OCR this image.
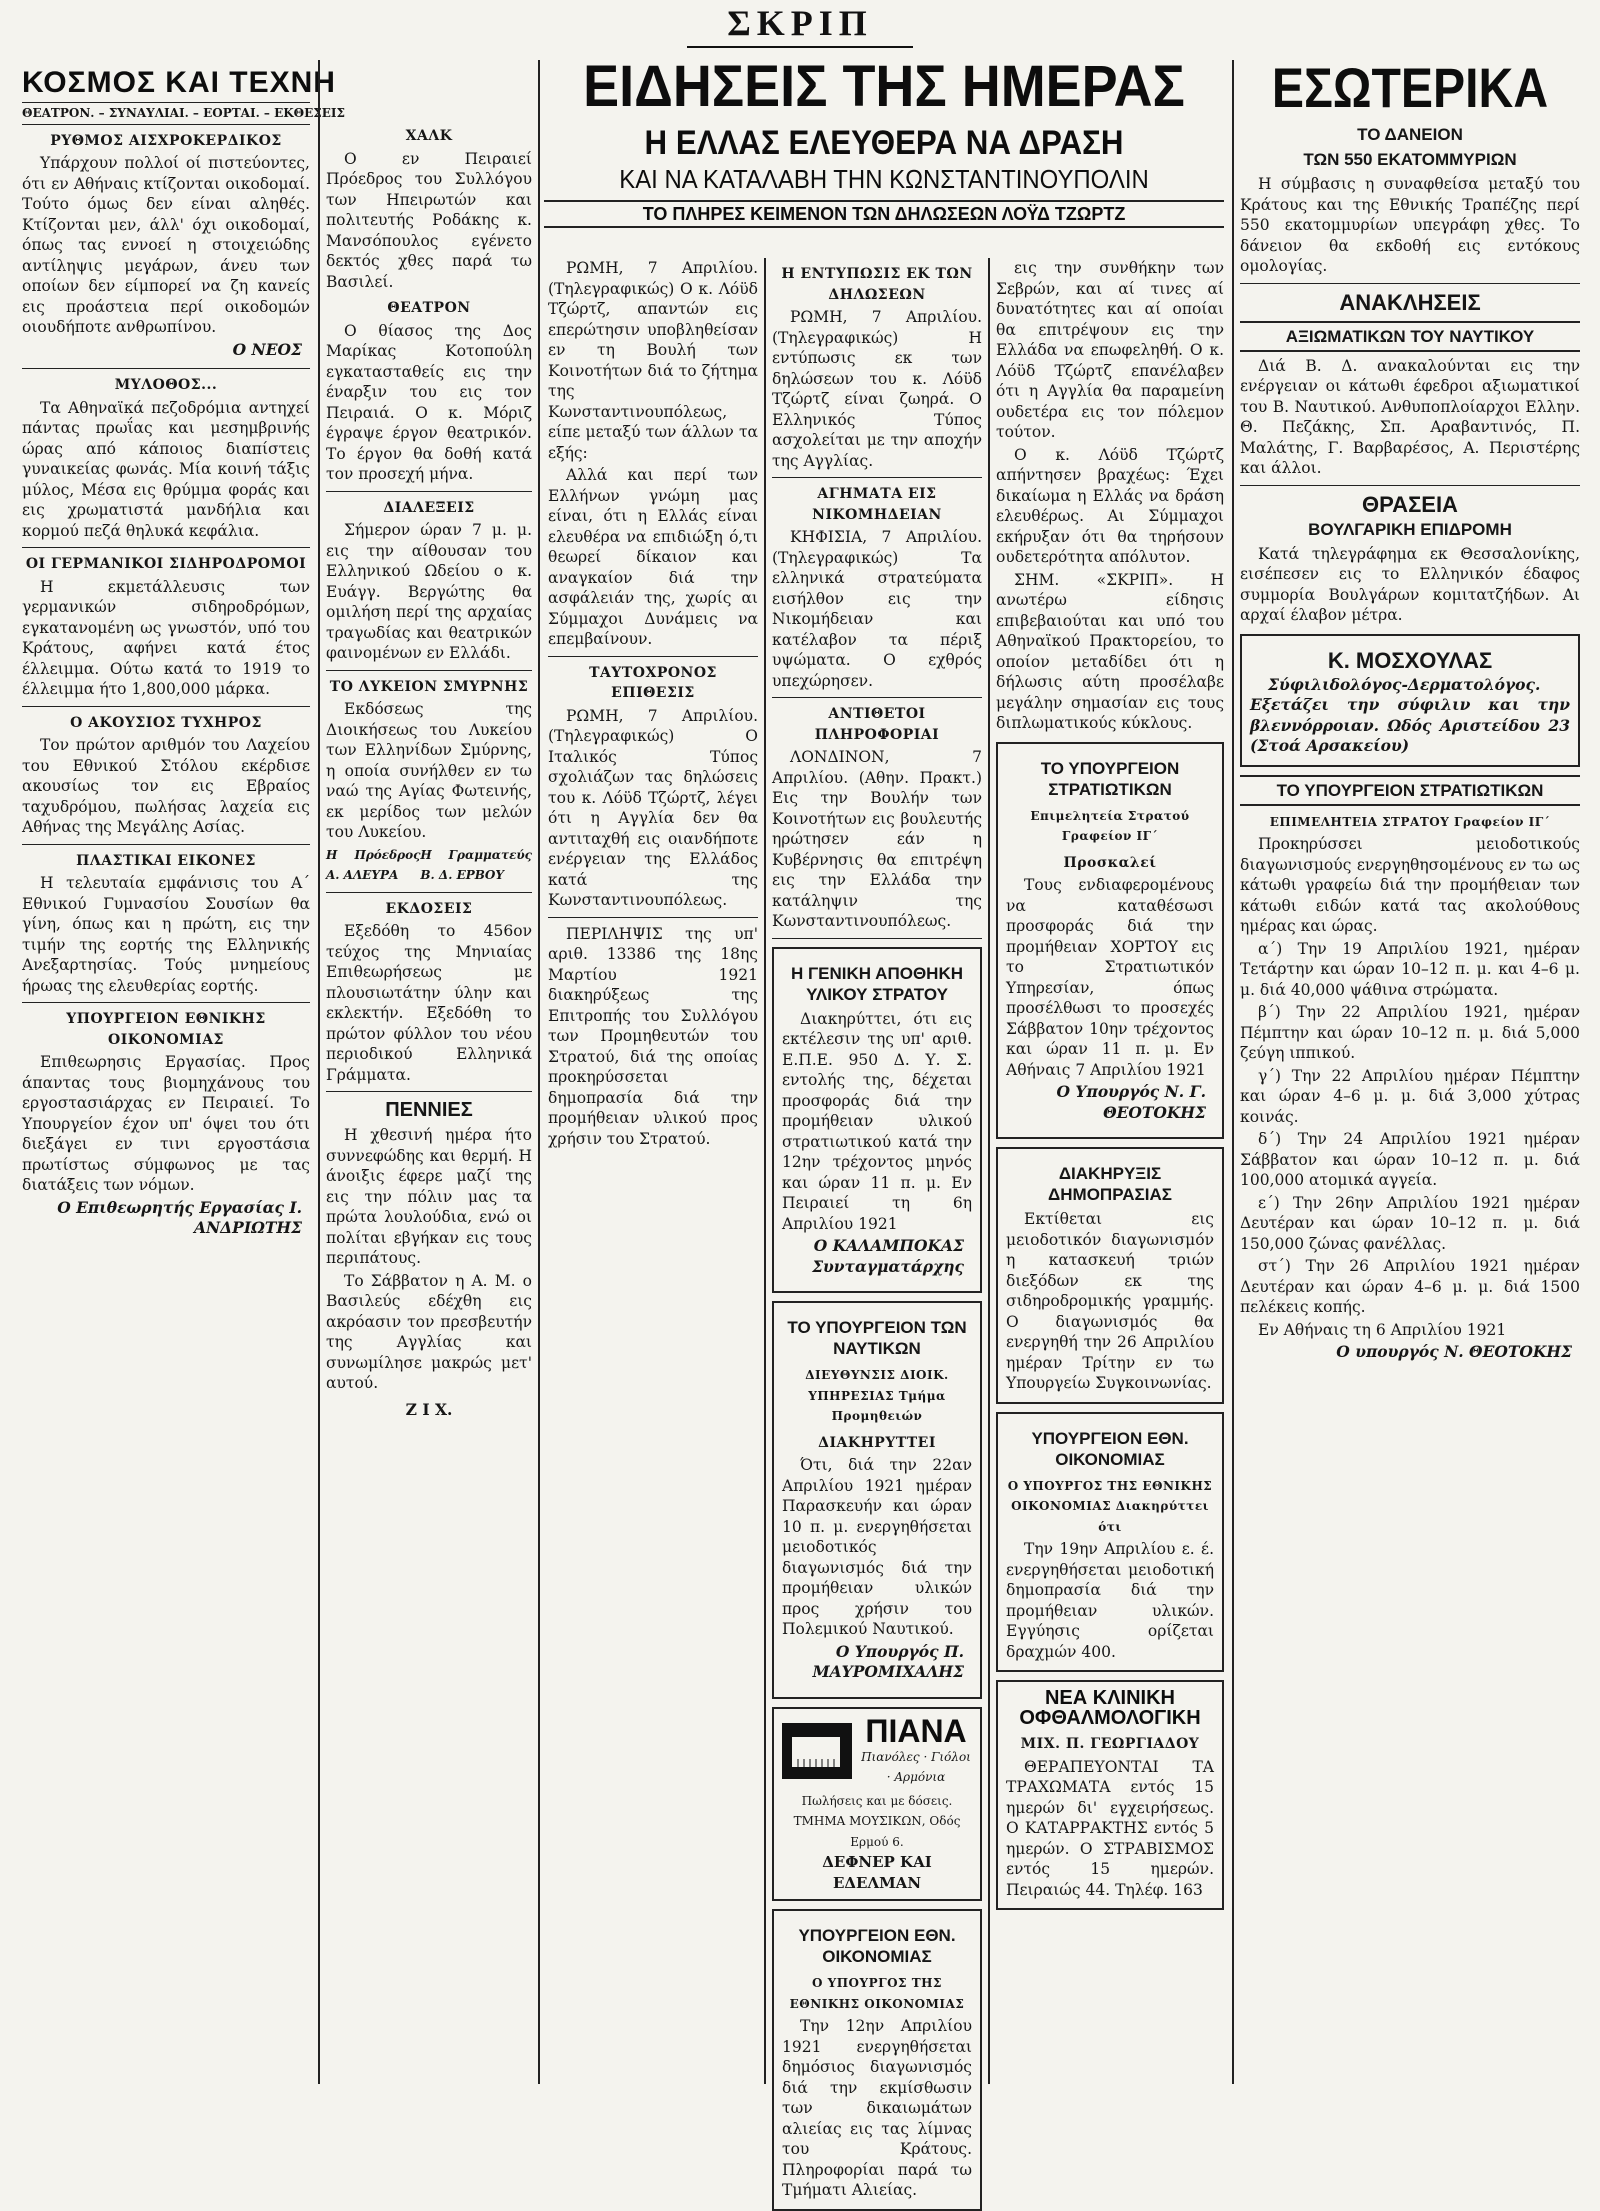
ΣΚΡΙΠ
ΚΟΣΜΟΣ ΚΑΙ ΤΕΧΝΗ
ΘΕΑΤΡΟΝ. – ΣΥΝΑΥΛΙΑΙ. – ΕΟΡΤΑΙ. – ΕΚΘΕΣΕΙΣ
ΡΥΘΜΟΣ ΑΙΣΧΡΟΚΕΡΔΙΚΟΣ

Υπάρχουν πολλοί οί πιστεύοντες, ότι εν Αθήναις κτίζονται οικοδομαί. Τούτο όμως δεν είναι αληθές. Κτίζονται μεν, άλλ' όχι οικοδομαί, όπως τας εννοεί η στοιχειώδης αντίληψις μεγάρων, άνευ των οποίων δεν είμπορεί να ζη κανείς εις προάστεια περί οικοδομών οιουδήποτε ανθρωπίνου.

Ο ΝΕΟΣ
ΜΥΛΟΘΟΣ...

Τα Αθηναϊκά πεζοδρόμια αντηχεί πάντας πρωΐας και μεσημβρινής ώρας από κάποιος διαπίστεις γυναικείας φωνάς. Μία κοινή τάξις μύλος, Μέσα εις θρύμμα φοράς και εις χρωματιστά μανδήλια και κορμού πεζά θηλυκά κεφάλια.

ΟΙ ΓΕΡΜΑΝΙΚΟΙ ΣΙΔΗΡΟΔΡΟΜΟΙ

Η εκμετάλλευσις των γερμανικών σιδηροδρόμων, εγκατανομένη ως γνωστόν, υπό του Κράτους, αφήνει κατά έτος έλλειμμα. Ούτω κατά το 1919 το έλλειμμα ήτο 1,800,000 μάρκα.

Ο ΑΚΟΥΣΙΟΣ ΤΥΧΗΡΟΣ

Τον πρώτον αριθμόν του Λαχείου του Εθνικού Στόλου εκέρδισε ακουσίως τον εις Εβραίος ταχυδρόμου, πωλήσας λαχεία εις Αθήνας της Μεγάλης Ασίας.

ΠΛΑΣΤΙΚΑΙ ΕΙΚΟΝΕΣ

Η τελευταία εμφάνισις του Α΄ Εθνικού Γυμνασίου Σουσίων θα γίνη, όπως και η πρώτη, εις την τιμήν της εορτής της Ελληνικής Ανεξαρτησίας. Τούς μνημείους ήρωας της ελευθερίας εορτής.

ΥΠΟΥΡΓΕΙΟΝ ΕΘΝΙΚΗΣ ΟΙΚΟΝΟΜΙΑΣ

Επιθεωρησις Εργασίας. Προς άπαντας τους βιομηχάνους του εργοστασιάρχας εν Πειραιεί. Το Υπουργείον έχον υπ' όψει του ότι διεξάγει εν τινι εργοστάσια πρωτίστως σύμφωνος με τας διατάξεις των νόμων.

Ο Επιθεωρητής Εργασίας Ι. ΑΝΔΡΙΩΤΗΣ
ΧΑΛΚ

Ο εν Πειραιεί Πρόεδρος του Συλλόγου των Ηπειρωτών και πολιτευτής Ροδάκης κ. Μανσόπουλος εγένετο δεκτός χθες παρά τω Βασιλεί.

ΘΕΑΤΡΟΝ

Ο θίασος της Δος Μαρίκας Κοτοπούλη εγκατασταθείς εις την έναρξιν του εις τον Πειραιά. Ο κ. Μόριζ έγραψε έργον θεατρικόν. Το έργον θα δοθή κατά τον προσεχή μήνα.

ΔΙΑΛΕΞΕΙΣ

Σήμερον ώραν 7 μ. μ. εις την αίθουσαν του Ελληνικού Ωδείου ο κ. Ευάγγ. Βεργώτης θα ομιλήση περί της αρχαίας τραγωδίας και θεατρικών φαινομένων εν Ελλάδι.

ΤΟ ΛΥΚΕΙΟΝ ΣΜΥΡΝΗΣ

Εκδόσεως της Διοικήσεως του Λυκείου των Ελληνίδων Σμύρνης, η οποία συνήλθεν εν τω ναώ της Αγίας Φωτεινής, εκ μερίδος των μελών του Λυκείου.

Η Πρόεδρος Α. ΑΛΕΥΡΑ
Η Γραμματεύς Β. Δ. ΕΡΒΟΥ
ΕΚΔΟΣΕΙΣ

Εξεδόθη το 456ον τεύχος της Μηνιαίας Επιθεωρήσεως με πλουσιωτάτην ύλην και εκλεκτήν. Εξεδόθη το πρώτον φύλλον του νέου περιοδικού Ελληνικά Γράμματα.

ΠΕΝΝΙΕΣ

Η χθεσινή ημέρα ήτο συννεφώδης και θερμή. Η άνοιξις έφερε μαζί της εις την πόλιν μας τα πρώτα λουλούδια, ενώ οι πολίται εβγήκαν εις τους περιπάτους.

Το Σάββατον η Α. Μ. ο Βασιλεύς εδέχθη εις ακρόασιν τον πρεσβευτήν της Αγγλίας και συνωμίλησε μακρώς μετ' αυτού.

Ζ Ι Χ.
ΕΙΔΗΣΕΙΣ ΤΗΣ ΗΜΕΡΑΣ
Η ΕΛΛΑΣ ΕΛΕΥΘΕΡΑ ΝΑ ΔΡΑΣΗ
ΚΑΙ ΝΑ ΚΑΤΑΛΑΒΗ ΤΗΝ ΚΩΝΣΤΑΝΤΙΝΟΥΠΟΛΙΝ
ΤΟ ΠΛΗΡΕΣ ΚΕΙΜΕΝΟΝ ΤΩΝ ΔΗΛΩΣΕΩΝ ΛΟΫΔ ΤΖΩΡΤΖ

ΡΩΜΗ, 7 Απριλίου. (Τηλεγραφικώς) Ο κ. Λόϋδ Τζώρτζ, απαντών εις επερώτησιν υποβληθείσαν εν τη Βουλή των Κοινοτήτων διά το ζήτημα της Κωνσταντινουπόλεως, είπε μεταξύ των άλλων τα εξής:

Αλλά και περί των Ελλήνων γνώμη μας είναι, ότι η Ελλάς είναι ελευθέρα να επιδιώξη ό,τι θεωρεί δίκαιον και αναγκαίον διά την ασφάλειάν της, χωρίς αι Σύμμαχοι Δυνάμεις να επεμβαίνουν.

ΤΑΥΤΟΧΡΟΝΟΣ ΕΠΙΘΕΣΙΣ

ΡΩΜΗ, 7 Απριλίου. (Τηλεγραφικώς) Ο Ιταλικός Τύπος σχολιάζων τας δηλώσεις του κ. Λόϋδ Τζώρτζ, λέγει ότι η Αγγλία δεν θα αντιταχθή εις οιανδήποτε ενέργειαν της Ελλάδος κατά της Κωνσταντινουπόλεως.

ΠΕΡΙΛΗΨΙΣ της υπ' αριθ. 13386 της 18ης Μαρτίου 1921 διακηρύξεως της Επιτροπής του Συλλόγου των Προμηθευτών του Στρατού, διά της οποίας προκηρύσσεται δημοπρασία διά την προμήθειαν υλικού προς χρήσιν του Στρατού.

Η ΕΝΤΥΠΩΣΙΣ ΕΚ ΤΩΝ ΔΗΛΩΣΕΩΝ

ΡΩΜΗ, 7 Απριλίου. (Τηλεγραφικώς) Η εντύπωσις εκ των δηλώσεων του κ. Λόϋδ Τζώρτζ είναι ζωηρά. Ο Ελληνικός Τύπος ασχολείται με την αποχήν της Αγγλίας.

ΑΓΗΜΑΤΑ ΕΙΣ ΝΙΚΟΜΗΔΕΙΑΝ

ΚΗΦΙΣΙΑ, 7 Απριλίου. (Τηλεγραφικώς) Τα ελληνικά στρατεύματα εισήλθον εις την Νικομήδειαν και κατέλαβον τα πέριξ υψώματα. Ο εχθρός υπεχώρησεν.

ΑΝΤΙΘΕΤΟΙ ΠΛΗΡΟΦΟΡΙΑΙ

ΛΟΝΔΙΝΟΝ, 7 Απριλίου. (Αθην. Πρακτ.) Εις την Βουλήν των Κοινοτήτων εις βουλευτής ηρώτησεν εάν η Κυβέρνησις θα επιτρέψη εις την Ελλάδα την κατάληψιν της Κωνσταντινουπόλεως.

Η ΓΕΝΙΚΗ ΑΠΟΘΗΚΗ ΥΛΙΚΟΥ ΣΤΡΑΤΟΥ

Διακηρύττει, ότι εις εκτέλεσιν της υπ' αριθ. Ε.Π.Ε. 950 Δ. Υ. Σ. εντολής της, δέχεται προσφοράς διά την προμήθειαν υλικού στρατιωτικού κατά την 12ην τρέχοντος μηνός και ώραν 11 π. μ. Εν Πειραιεί τη 6η Απριλίου 1921

Ο ΚΑΛΑΜΠΟΚΑΣ Συνταγματάρχης
ΤΟ ΥΠΟΥΡΓΕΙΟΝ ΤΩΝ ΝΑΥΤΙΚΩΝ
ΔΙΕΥΘΥΝΣΙΣ ΔΙΟΙΚ. ΥΠΗΡΕΣΙΑΣ Τμήμα Προμηθειών
ΔΙΑΚΗΡΥΤΤΕΙ

Ότι, διά την 22αν Απριλίου 1921 ημέραν Παρασκευήν και ώραν 10 π. μ. ενεργηθήσεται μειοδοτικός διαγωνισμός διά την προμήθειαν υλικών προς χρήσιν του Πολεμικού Ναυτικού.

Ο Υπουργός Π. ΜΑΥΡΟΜΙΧΑΛΗΣ
ΠΙΑΝΑ
Πιανόλες · Γιόλοι · Αρμόνια
Πωλήσεις και με δόσεις. ΤΜΗΜΑ ΜΟΥΣΙΚΩΝ, Οδός Ερμού 6.
ΔΕΦΝΕΡ ΚΑΙ ΕΔΕΛΜΑΝ
ΥΠΟΥΡΓΕΙΟΝ ΕΘΝ. ΟΙΚΟΝΟΜΙΑΣ
Ο ΥΠΟΥΡΓΟΣ ΤΗΣ ΕΘΝΙΚΗΣ ΟΙΚΟΝΟΜΙΑΣ

Την 12ην Απριλίου 1921 ενεργηθήσεται δημόσιος διαγωνισμός διά την εκμίσθωσιν των δικαιωμάτων αλιείας εις τας λίμνας του Κράτους. Πληροφορίαι παρά τω Τμήματι Αλιείας.

εις την συνθήκην των Σεβρών, και αί τινες αί δυνατότητες και αί οποίαι θα επιτρέψουν εις την Ελλάδα να επωφεληθή. Ο κ. Λόϋδ Τζώρτζ επανέλαβεν ότι η Αγγλία θα παραμείνη ουδετέρα εις τον πόλεμον τούτον.

Ο κ. Λόϋδ Τζώρτζ απήντησεν βραχέως: Έχει δικαίωμα η Ελλάς να δράση ελευθέρως. Αι Σύμμαχοι εκήρυξαν ότι θα τηρήσουν ουδετερότητα απόλυτον.

ΣΗΜ. «ΣΚΡΙΠ». Η ανωτέρω είδησις επιβεβαιούται και υπό του Αθηναϊκού Πρακτορείου, το οποίον μεταδίδει ότι η δήλωσις αύτη προσέλαβε μεγάλην σημασίαν εις τους διπλωματικούς κύκλους.

ΤΟ ΥΠΟΥΡΓΕΙΟΝ ΣΤΡΑΤΙΩΤΙΚΩΝ
Επιμελητεία Στρατού Γραφείον ΙΓ΄
Προσκαλεί

Τους ενδιαφερομένους να καταθέσωσι προσφοράς διά την προμήθειαν ΧΟΡΤΟΥ εις το Στρατιωτικόν Υπηρεσίαν, όπως προσέλθωσι το προσεχές Σάββατον 10ην τρέχοντος και ώραν 11 π. μ. Εν Αθήναις 7 Απριλίου 1921

Ο Υπουργός Ν. Γ. ΘΕΟΤΟΚΗΣ
ΔΙΑΚΗΡΥΞΙΣ ΔΗΜΟΠΡΑΣΙΑΣ

Εκτίθεται εις μειοδοτικόν διαγωνισμόν η κατασκευή τριών διεξόδων εκ της σιδηροδρομικής γραμμής. Ο διαγωνισμός θα ενεργηθή την 26 Απριλίου ημέραν Τρίτην εν τω Υπουργείω Συγκοινωνίας.

ΥΠΟΥΡΓΕΙΟΝ ΕΘΝ. ΟΙΚΟΝΟΜΙΑΣ
Ο ΥΠΟΥΡΓΟΣ ΤΗΣ ΕΘΝΙΚΗΣ ΟΙΚΟΝΟΜΙΑΣ Διακηρύττει ότι

Την 19ην Απριλίου ε. έ. ενεργηθήσεται μειοδοτική δημοπρασία διά την προμήθειαν υλικών. Εγγύησις ορίζεται δραχμών 400.

ΝΕΑ ΚΛΙΝΙΚΗ ΟΦΘΑΛΜΟΛΟΓΙΚΗ
ΜΙΧ. Π. ΓΕΩΡΓΙΑΔΟΥ

ΘΕΡΑΠΕΥΟΝΤΑΙ ΤΑ ΤΡΑΧΩΜΑΤΑ εντός 15 ημερών δι' εγχειρήσεως. Ο ΚΑΤΑΡΡΑΚΤΗΣ εντός 5 ημερών. Ο ΣΤΡΑΒΙΣΜΟΣ εντός 15 ημερών. Πειραιώς 44. Τηλέφ. 163

ΕΣΩΤΕΡΙΚΑ
ΤΟ ΔΑΝΕΙΟΝ
ΤΩΝ 550 ΕΚΑΤΟΜΜΥΡΙΩΝ

Η σύμβασις η συναφθείσα μεταξύ του Κράτους και της Εθνικής Τραπέζης περί 550 εκατομμυρίων υπεγράφη χθες. Το δάνειον θα εκδοθή εις εντόκους ομολογίας.

ΑΝΑΚΛΗΣΕΙΣ
ΑΞΙΩΜΑΤΙΚΩΝ ΤΟΥ ΝΑΥΤΙΚΟΥ

Διά Β. Δ. ανακαλούνται εις την ενέργειαν οι κάτωθι έφεδροι αξιωματικοί του Β. Ναυτικού. Ανθυποπλοίαρχοι Ελλην. Θ. Πεζάκης, Σπ. Αραβαντινός, Π. Μαλάτης, Γ. Βαρβαρέσος, Α. Περιστέρης και άλλοι.

ΘΡΑΣΕΙΑ
ΒΟΥΛΓΑΡΙΚΗ ΕΠΙΔΡΟΜΗ

Κατά τηλεγράφημα εκ Θεσσαλονίκης, εισέπεσεν εις το Ελληνικόν έδαφος συμμορία Βουλγάρων κομιτατζήδων. Αι αρχαί έλαβον μέτρα.

Κ. ΜΟΣΧΟΥΛΑΣ

Σύφιλιδολόγος-Δερματολόγος. Εξετάζει την σύφιλιν και την βλεννόρροιαν. Ωδός Αριστείδου 23 (Στοά Αρσακείου)

ΤΟ ΥΠΟΥΡΓΕΙΟΝ ΣΤΡΑΤΙΩΤΙΚΩΝ
ΕΠΙΜΕΛΗΤΕΙΑ ΣΤΡΑΤΟΥ Γραφείον ΙΓ΄

Προκηρύσσει μειοδοτικούς διαγωνισμούς ενεργηθησομένους εν τω ως κάτωθι γραφείω διά την προμήθειαν των κάτωθι ειδών κατά τας ακολούθους ημέρας και ώρας.

α΄) Την 19 Απριλίου 1921, ημέραν Τετάρτην και ώραν 10–12 π. μ. και 4–6 μ. μ. διά 40,000 ψάθινα στρώματα.

β΄) Την 22 Απριλίου 1921, ημέραν Πέμπτην και ώραν 10–12 π. μ. διά 5,000 ζεύγη ιππικού.

γ΄) Την 22 Απριλίου ημέραν Πέμπτην και ώραν 4–6 μ. μ. διά 3,000 χύτρας κοινάς.

δ΄) Την 24 Απριλίου 1921 ημέραν Σάββατον και ώραν 10–12 π. μ. διά 100,000 ατομικά αγγεία.

ε΄) Την 26ην Απριλίου 1921 ημέραν Δευτέραν και ώραν 10–12 π. μ. διά 150,000 ζώνας φανέλλας.

στ΄) Την 26 Απριλίου 1921 ημέραν Δευτέραν και ώραν 4–6 μ. μ. διά 1500 πελέκεις κοπής.

Εν Αθήναις τη 6 Απριλίου 1921

Ο υπουργός Ν. ΘΕΟΤΟΚΗΣ
